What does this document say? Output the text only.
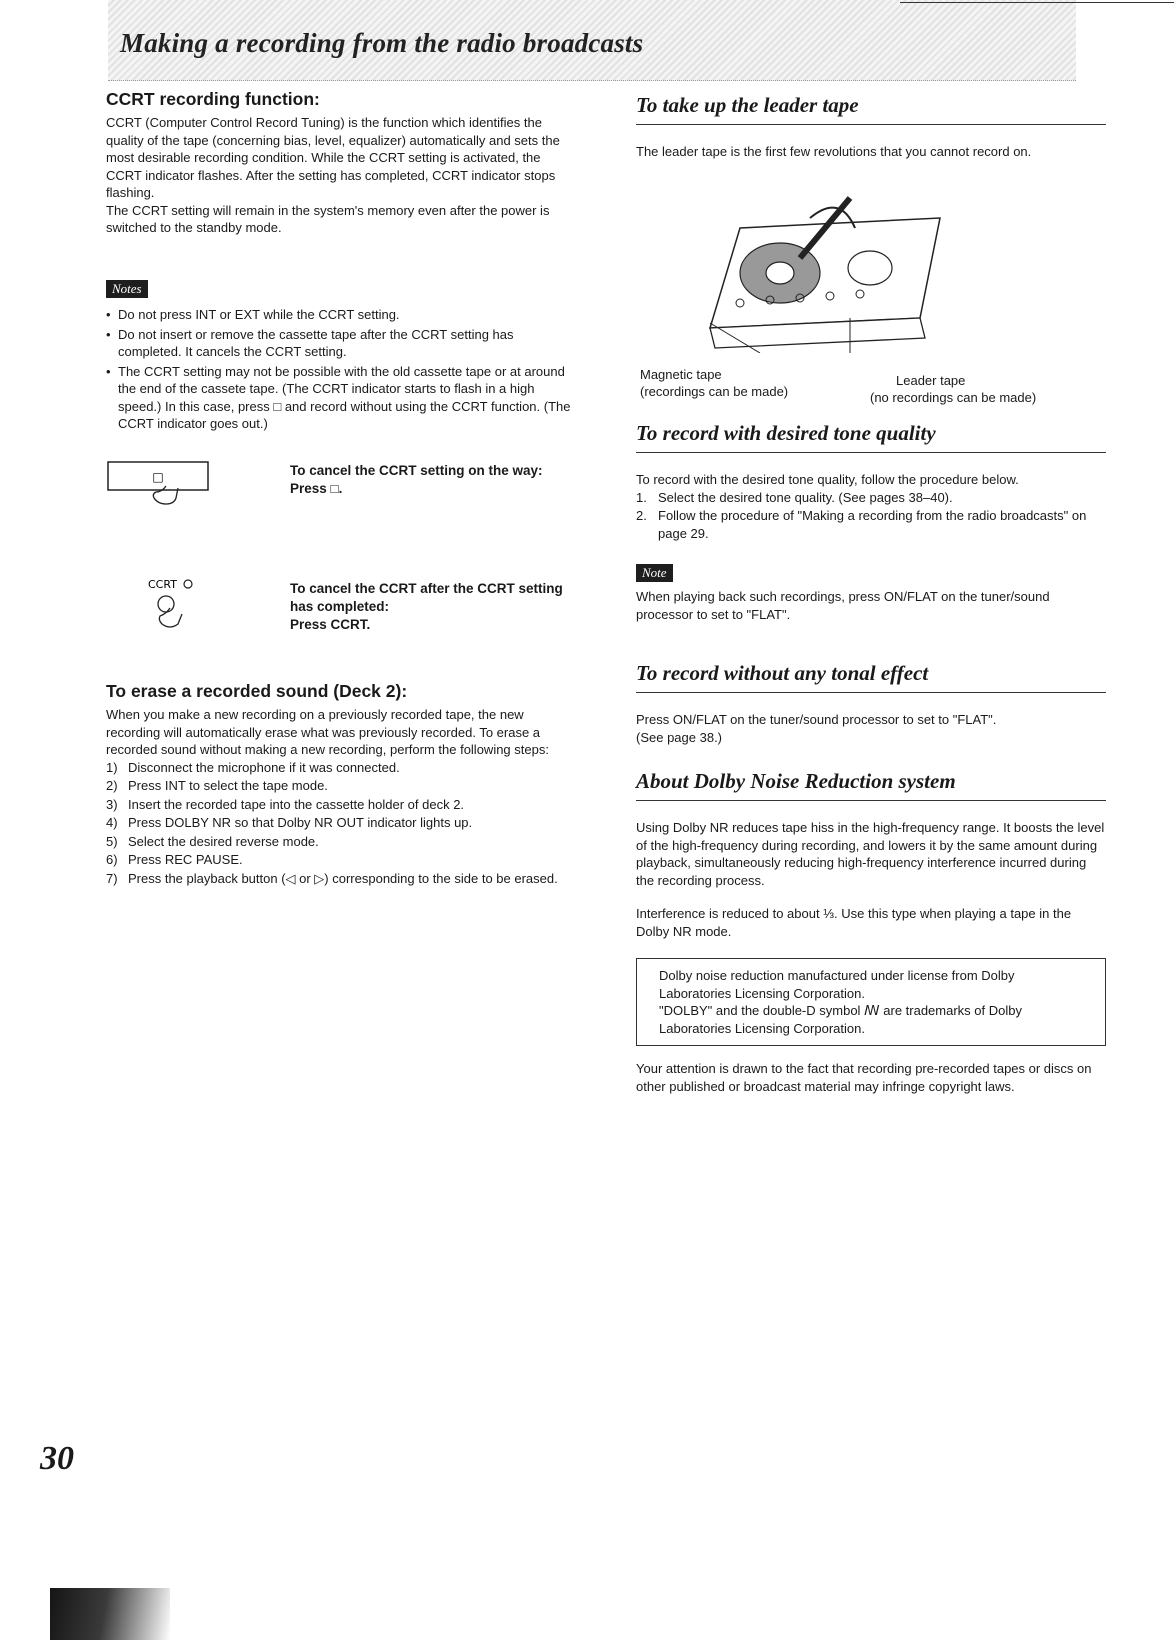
Making a recording from the radio broadcasts
CCRT recording function:

CCRT (Computer Control Record Tuning) is the function which identifies the quality of the tape (concerning bias, level, equalizer) automatically and sets the most desirable recording condition. While the CCRT setting is activated, the CCRT indicator flashes. After the setting has completed, CCRT indicator stops flashing.

The CCRT setting will remain in the system's memory even after the power is switched to the standby mode.

Notes
• Do not press INT or EXT while the CCRT setting.
• Do not insert or remove the cassette tape after the CCRT setting has completed. It cancels the CCRT setting.
• The CCRT setting may not be possible with the old cassette tape or at around the end of the cassete tape. (The CCRT indicator starts to flash in a high speed.) In this case, press □ and record without using the CCRT function. (The CCRT indicator goes out.)
□	To cancel the CCRT setting on the way:
Press □.
CCRT	To cancel the CCRT after the CCRT setting has completed:
Press CCRT.
To erase a recorded sound (Deck 2):

When you make a new recording on a previously recorded tape, the new recording will automatically erase what was previously recorded. To erase a recorded sound without making a new recording, perform the following steps:

1) Disconnect the microphone if it was connected.
2) Press INT to select the tape mode.
3) Insert the recorded tape into the cassette holder of deck 2.
4) Press DOLBY NR so that Dolby NR OUT indicator lights up.
5) Select the desired reverse mode.
6) Press REC PAUSE.
7) Press the playback button (◁ or ▷) corresponding to the side to be erased.
To take up the leader tape

The leader tape is the first few revolutions that you cannot record on.

Magnetic tape
(recordings can be made)
Leader tape
(no recordings can be made)
To record with desired tone quality

To record with the desired tone quality, follow the procedure below.

1. Select the desired tone quality. (See pages 38–40).
2. Follow the procedure of "Making a recording from the radio broadcasts" on page 29.
Note

When playing back such recordings, press ON/FLAT on the tuner/sound processor to set to "FLAT".

To record without any tonal effect

Press ON/FLAT on the tuner/sound processor to set to "FLAT".

(See page 38.)

About Dolby Noise Reduction system

Using Dolby NR reduces tape hiss in the high-frequency range. It boosts the level of the high-frequency during recording, and lowers it by the same amount during playback, simultaneously reducing high-frequency interference incurred during the recording process.

Interference is reduced to about ⅓. Use this type when playing a tape in the Dolby NR mode.

Dolby noise reduction manufactured under license from Dolby Laboratories Licensing Corporation.

"DOLBY" and the double-D symbol ꟿ are trademarks of Dolby Laboratories Licensing Corporation.

Your attention is drawn to the fact that recording pre-recorded tapes or discs on other published or broadcast material may infringe copyright laws.

30
